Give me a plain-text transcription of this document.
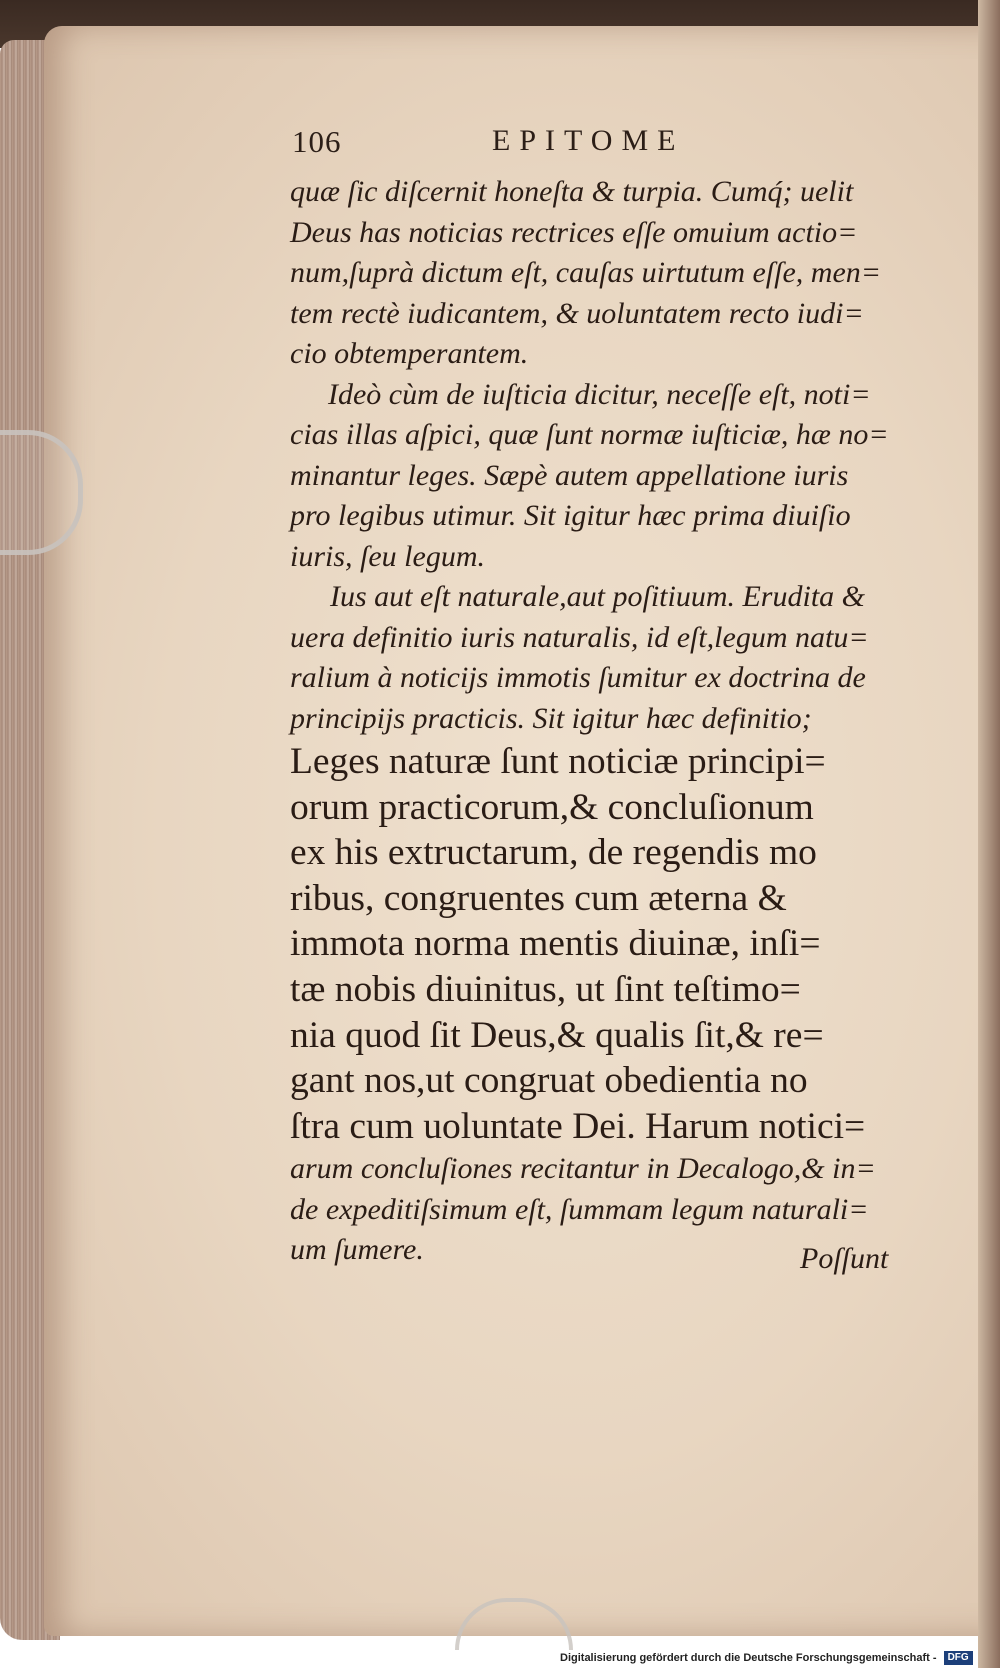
106	EPITOME
quæ ſic diſcernit honeſta & turpia. Cumq́; uelit
Deus has noticias rectrices eſſe omuium actio=
num,ſuprà dictum eſt, cauſas uirtutum eſſe, men=
tem rectè iudicantem, & uoluntatem recto iudi=
cio obtemperantem.
Ideò cùm de iuſticia dicitur, neceſſe eſt, noti=
cias illas aſpici, quæ ſunt normæ iuſticiæ, hæ no=
minantur leges. Sæpè autem appellatione iuris
pro legibus utimur. Sit igitur hæc prima diuiſio
iuris, ſeu legum.
Ius aut eſt naturale,aut poſitiuum. Erudita &
uera definitio iuris naturalis, id eſt,legum natu=
ralium à noticijs immotis ſumitur ex doctrina de
principijs practicis. Sit igitur hæc definitio;
Leges naturæ ſunt noticiæ principi=
orum practicorum,& concluſionum
ex his extructarum, de regendis mo
ribus, congruentes cum æterna &
immota norma mentis diuinæ, inſi=
tæ nobis diuinitus, ut ſint teſtimo=
nia quod ſit Deus,& qualis ſit,& re=
gant nos,ut congruat obedientia no
ſtra cum uoluntate Dei. Harum notici=
arum concluſiones recitantur in Decalogo,& in=
de expeditiſsimum eſt, ſummam legum naturali=
um ſumere.	Poſſunt
Digitalisierung gefördert durch die Deutsche Forschungsgemeinschaft - DFG
